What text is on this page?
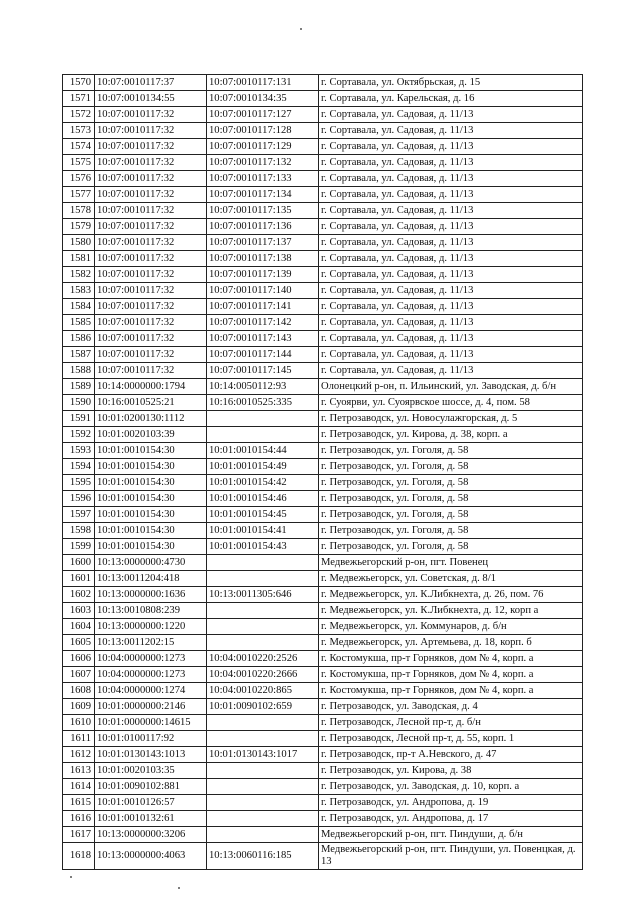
1570	10:07:0010117:37	10:07:0010117:131	г. Сортавала, ул. Октябрьская, д. 15
1571	10:07:0010134:55	10:07:0010134:35	г. Сортавала, ул. Карельская, д. 16
1572	10:07:0010117:32	10:07:0010117:127	г. Сортавала, ул. Садовая, д. 11/13
1573	10:07:0010117:32	10:07:0010117:128	г. Сортавала, ул. Садовая, д. 11/13
1574	10:07:0010117:32	10:07:0010117:129	г. Сортавала, ул. Садовая, д. 11/13
1575	10:07:0010117:32	10:07:0010117:132	г. Сортавала, ул. Садовая, д. 11/13
1576	10:07:0010117:32	10:07:0010117:133	г. Сортавала, ул. Садовая, д. 11/13
1577	10:07:0010117:32	10:07:0010117:134	г. Сортавала, ул. Садовая, д. 11/13
1578	10:07:0010117:32	10:07:0010117:135	г. Сортавала, ул. Садовая, д. 11/13
1579	10:07:0010117:32	10:07:0010117:136	г. Сортавала, ул. Садовая, д. 11/13
1580	10:07:0010117:32	10:07:0010117:137	г. Сортавала, ул. Садовая, д. 11/13
1581	10:07:0010117:32	10:07:0010117:138	г. Сортавала, ул. Садовая, д. 11/13
1582	10:07:0010117:32	10:07:0010117:139	г. Сортавала, ул. Садовая, д. 11/13
1583	10:07:0010117:32	10:07:0010117:140	г. Сортавала, ул. Садовая, д. 11/13
1584	10:07:0010117:32	10:07:0010117:141	г. Сортавала, ул. Садовая, д. 11/13
1585	10:07:0010117:32	10:07:0010117:142	г. Сортавала, ул. Садовая, д. 11/13
1586	10:07:0010117:32	10:07:0010117:143	г. Сортавала, ул. Садовая, д. 11/13
1587	10:07:0010117:32	10:07:0010117:144	г. Сортавала, ул. Садовая, д. 11/13
1588	10:07:0010117:32	10:07:0010117:145	г. Сортавала, ул. Садовая, д. 11/13
1589	10:14:0000000:1794	10:14:0050112:93	Олонецкий р-он, п. Ильинский, ул. Заводская, д. б/н
1590	10:16:0010525:21	10:16:0010525:335	г. Суоярви, ул. Суоярвское шоссе, д. 4, пом. 58
1591	10:01:0200130:1112		г. Петрозаводск, ул. Новосулажгорская, д. 5
1592	10:01:0020103:39		г. Петрозаводск, ул. Кирова, д. 38, корп. а
1593	10:01:0010154:30	10:01:0010154:44	г. Петрозаводск, ул. Гоголя, д. 58
1594	10:01:0010154:30	10:01:0010154:49	г. Петрозаводск, ул. Гоголя, д. 58
1595	10:01:0010154:30	10:01:0010154:42	г. Петрозаводск, ул. Гоголя, д. 58
1596	10:01:0010154:30	10:01:0010154:46	г. Петрозаводск, ул. Гоголя, д. 58
1597	10:01:0010154:30	10:01:0010154:45	г. Петрозаводск, ул. Гоголя, д. 58
1598	10:01:0010154:30	10:01:0010154:41	г. Петрозаводск, ул. Гоголя, д. 58
1599	10:01:0010154:30	10:01:0010154:43	г. Петрозаводск, ул. Гоголя, д. 58
1600	10:13:0000000:4730		Медвежьегорский р-он, пгт. Повенец
1601	10:13:0011204:418		г. Медвежьегорск, ул. Советская, д. 8/1
1602	10:13:0000000:1636	10:13:0011305:646	г. Медвежьегорск, ул. К.Либкнехта, д. 26, пом. 76
1603	10:13:0010808:239		г. Медвежьегорск, ул. К.Либкнехта, д. 12, корп а
1604	10:13:0000000:1220		г. Медвежьегорск, ул. Коммунаров, д. б/н
1605	10:13:0011202:15		г. Медвежьегорск, ул. Артемьева, д. 18, корп. б
1606	10:04:0000000:1273	10:04:0010220:2526	г. Костомукша, пр-т Горняков, дом № 4, корп. а
1607	10:04:0000000:1273	10:04:0010220:2666	г. Костомукша, пр-т Горняков, дом № 4, корп. а
1608	10:04:0000000:1274	10:04:0010220:865	г. Костомукша, пр-т Горняков, дом № 4, корп. а
1609	10:01:0000000:2146	10:01:0090102:659	г. Петрозаводск, ул. Заводская, д. 4
1610	10:01:0000000:14615		г. Петрозаводск, Лесной пр-т, д. б/н
1611	10:01:0100117:92		г. Петрозаводск, Лесной пр-т, д. 55, корп. 1
1612	10:01:0130143:1013	10:01:0130143:1017	г. Петрозаводск, пр-т А.Невского, д. 47
1613	10:01:0020103:35		г. Петрозаводск, ул. Кирова, д. 38
1614	10:01:0090102:881		г. Петрозаводск, ул. Заводская, д. 10, корп. а
1615	10:01:0010126:57		г. Петрозаводск, ул. Андропова, д. 19
1616	10:01:0010132:61		г. Петрозаводск, ул. Андропова, д. 17
1617	10:13:0000000:3206		Медвежьегорский р-он, пгт. Пиндуши, д. б/н
1618	10:13:0000000:4063	10:13:0060116:185	Медвежьегорский р-он, пгт. Пиндуши, ул. Повенцкая, д. 13
